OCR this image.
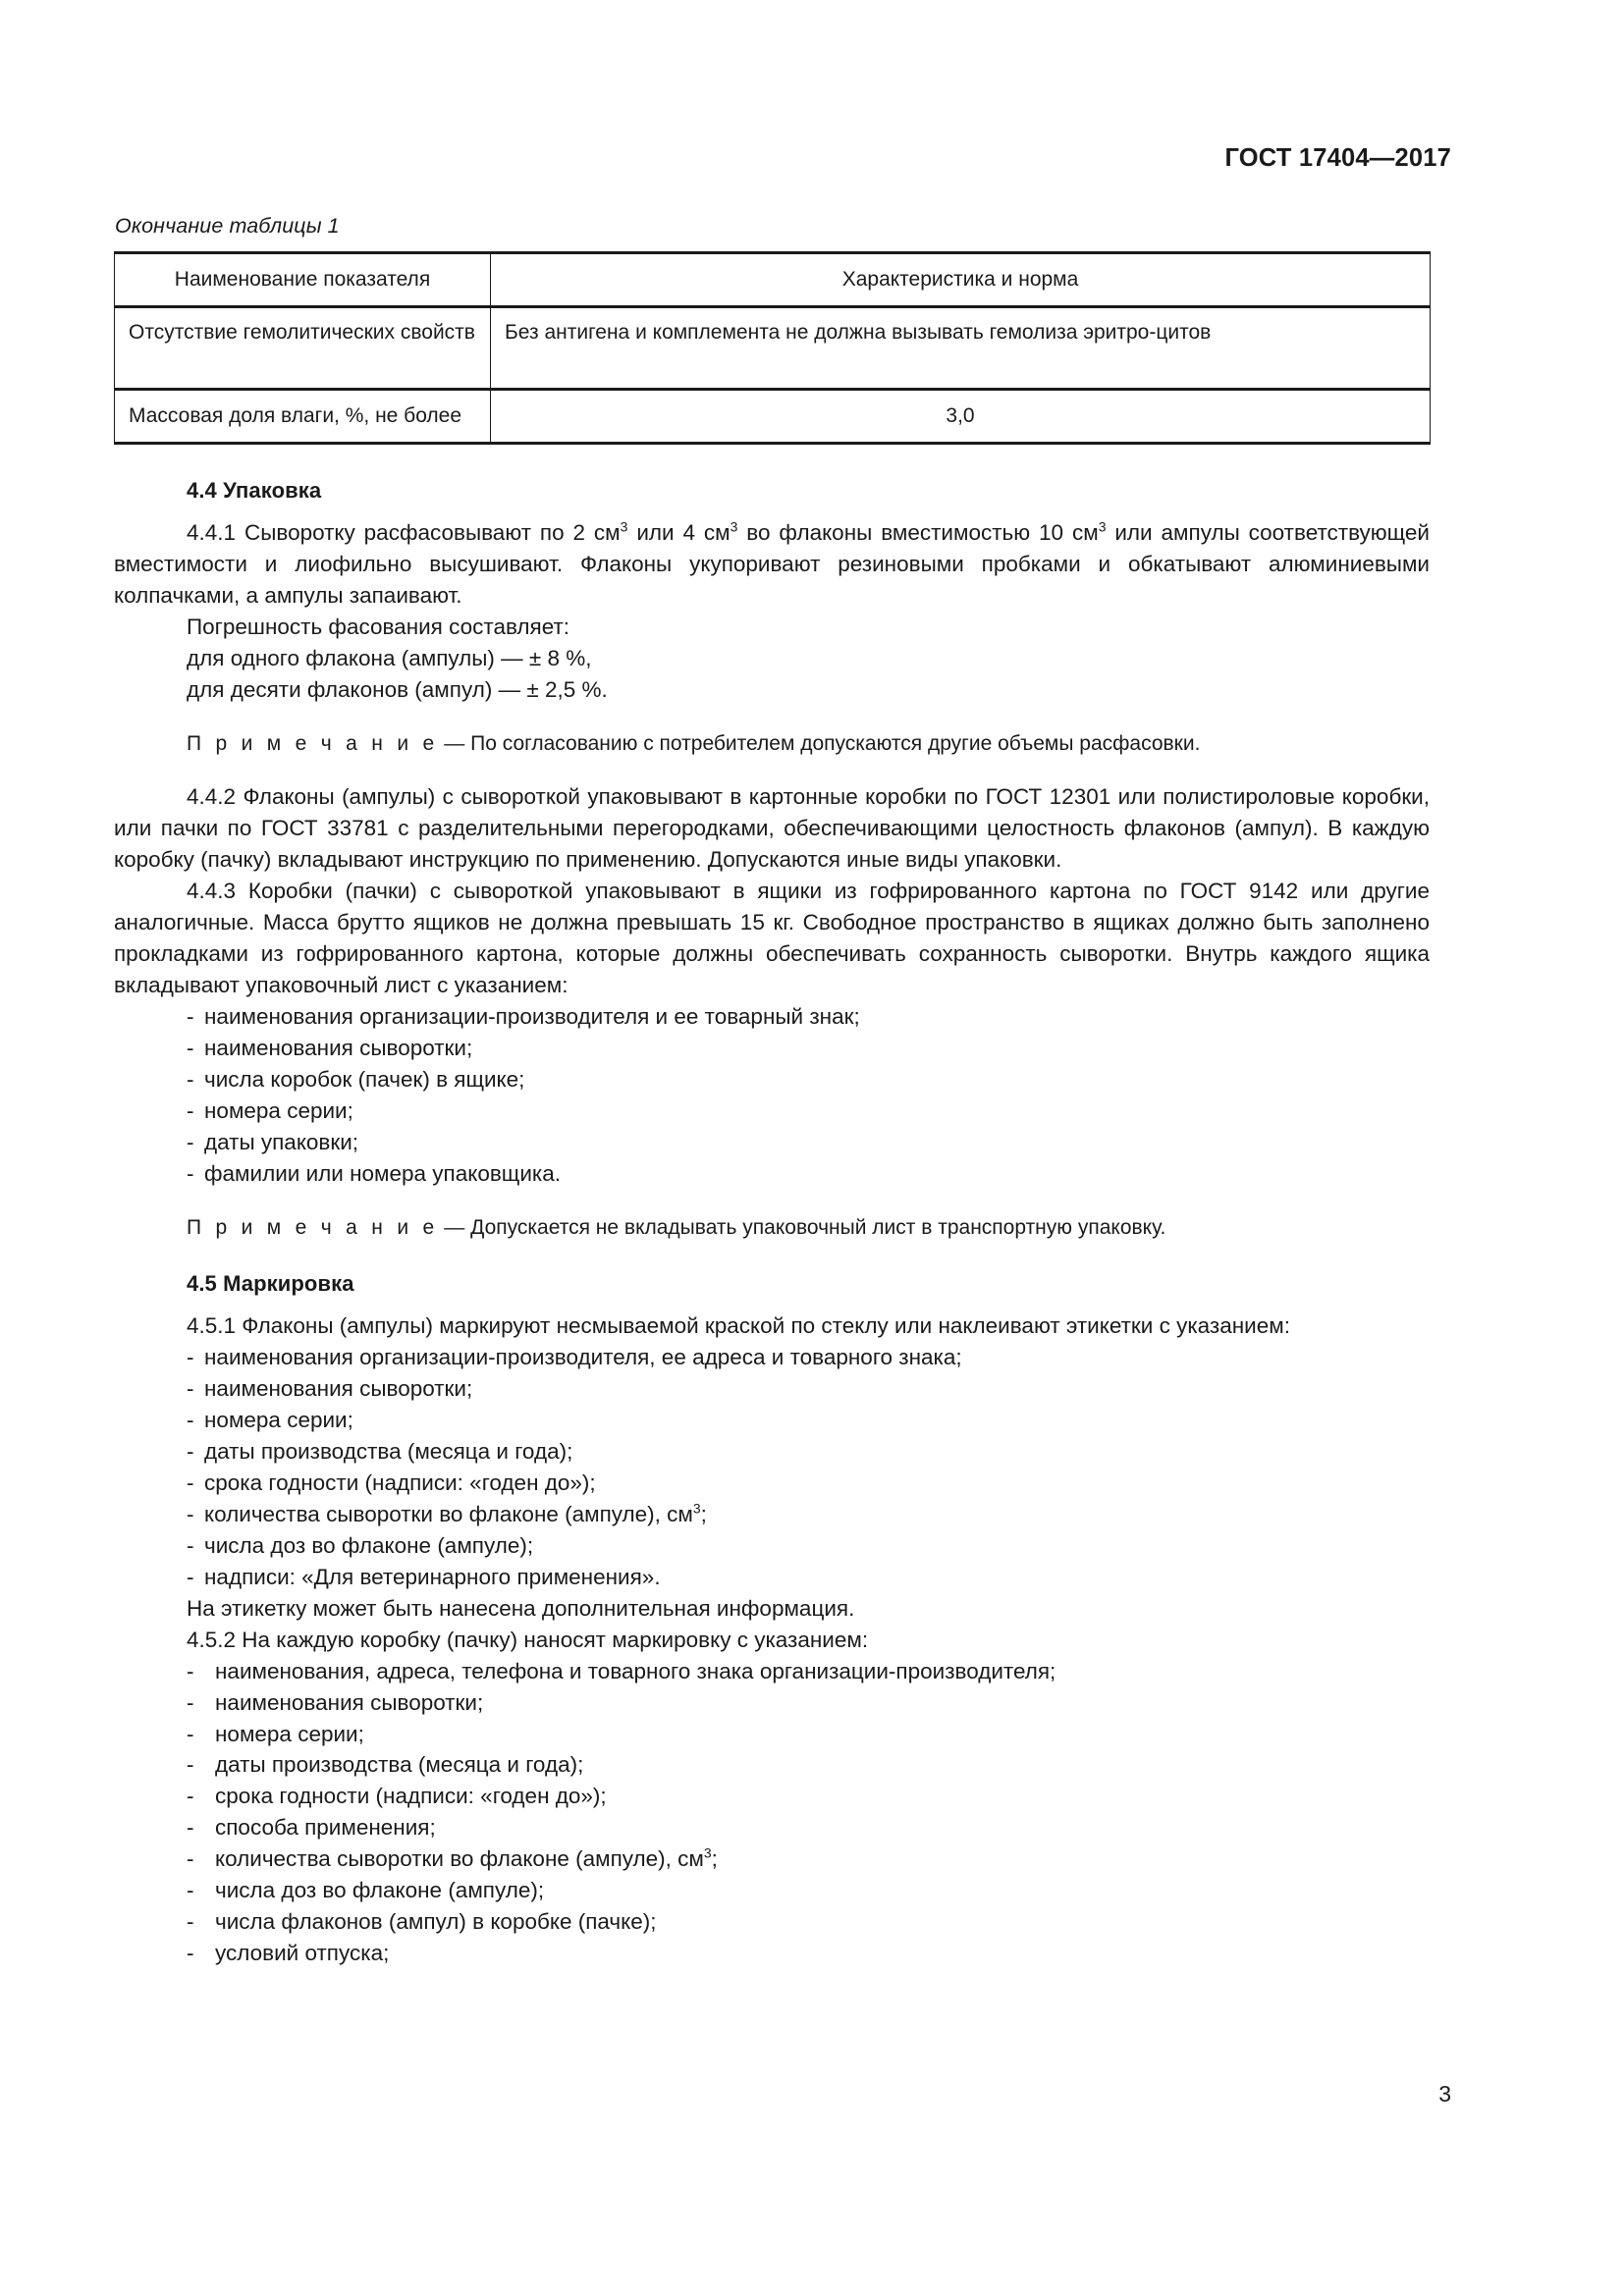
ГОСТ 17404—2017
Окончание таблицы 1
Наименование показателя	Характеристика и норма
Отсутствие гемолитических свойств	Без антигена и комплемента не должна вызывать гемолиза эритро-цитов
Массовая доля влаги, %, не более	3,0
4.4 Упаковка

4.4.1 Сыворотку расфасовывают по 2 $см^3$ или 4 $см^3$ во флаконы вместимостью 10 $см^3$ или ампулы соответствующей вместимости и лиофильно высушивают. Флаконы укупоривают резиновыми пробками и обкатывают алюминиевыми колпачками, а ампулы запаивают.

Погрешность фасования составляет:

для одного флакона (ампулы) — ± 8 %,

для десяти флаконов (ампул) — ± 2,5 %.

П р и м е ч а н и е — По согласованию с потребителем допускаются другие объемы расфасовки.

4.4.2 Флаконы (ампулы) с сывороткой упаковывают в картонные коробки по ГОСТ 12301 или полистироловые коробки, или пачки по ГОСТ 33781 с разделительными перегородками, обеспечивающими целостность флаконов (ампул). В каждую коробку (пачку) вкладывают инструкцию по применению. Допускаются иные виды упаковки.

4.4.3 Коробки (пачки) с сывороткой упаковывают в ящики из гофрированного картона по ГОСТ 9142 или другие аналогичные. Масса брутто ящиков не должна превышать 15 кг. Свободное пространство в ящиках должно быть заполнено прокладками из гофрированного картона, которые должны обеспечивать сохранность сыворотки. Внутрь каждого ящика вкладывают упаковочный лист с указанием:

- наименования организации-производителя и ее товарный знак;
- наименования сыворотки;
- числа коробок (пачек) в ящике;
- номера серии;
- даты упаковки;
- фамилии или номера упаковщика.

П р и м е ч а н и е — Допускается не вкладывать упаковочный лист в транспортную упаковку.

4.5 Маркировка

4.5.1 Флаконы (ампулы) маркируют несмываемой краской по стеклу или наклеивают этикетки с указанием:

- наименования организации-производителя, ее адреса и товарного знака;
- наименования сыворотки;
- номера серии;
- даты производства (месяца и года);
- срока годности (надписи: «годен до»);
- количества сыворотки во флаконе (ампуле), $см^3$;
- числа доз во флаконе (ампуле);
- надписи: «Для ветеринарного применения».

На этикетку может быть нанесена дополнительная информация.

4.5.2 На каждую коробку (пачку) наносят маркировку с указанием:

- наименования, адреса, телефона и товарного знака организации-производителя;
- наименования сыворотки;
- номера серии;
- даты производства (месяца и года);
- срока годности (надписи: «годен до»);
- способа применения;
- количества сыворотки во флаконе (ампуле), $см^3$;
- числа доз во флаконе (ампуле);
- числа флаконов (ампул) в коробке (пачке);
- условий отпуска;
3
